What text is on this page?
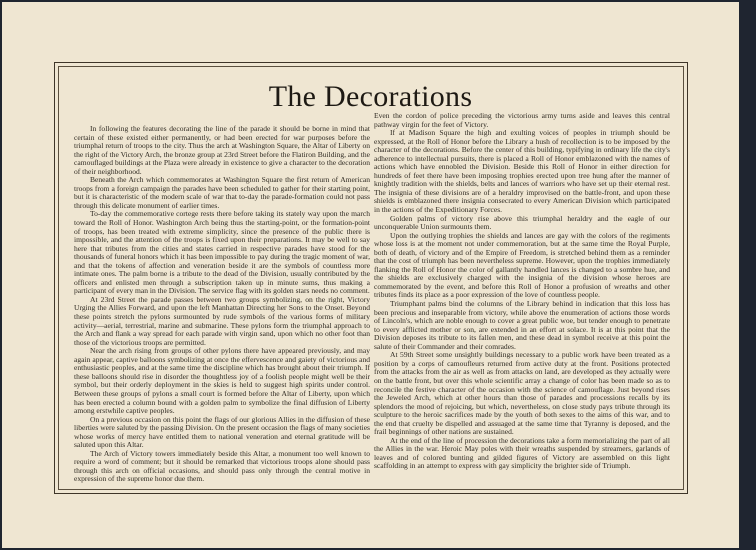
The Decorations

In following the features decorating the line of the parade it should be borne in mind that certain of these existed either permanently, or had been erected for war purposes before the triumphal return of troops to the city. Thus the arch at Washington Square, the Altar of Liberty on the right of the Victory Arch, the bronze group at 23rd Street before the Flatiron Building, and the camouflaged buildings at the Plaza were already in existence to give a character to the decoration of their neighborhood.

Beneath the Arch which commemorates at Washington Square the first return of American troops from a foreign campaign the parades have been scheduled to gather for their starting point, but it is characteristic of the modern scale of war that to-day the parade-formation could not pass through this delicate monument of earlier times.

To-day the commemorative cortege rests there before taking its stately way upon the march toward the Roll of Honor. Washington Arch being thus the starting-point, or the formation-point of troops, has been treated with extreme simplicity, since the presence of the public there is impossible, and the attention of the troops is fixed upon their preparations. It may be well to say here that tributes from the cities and states carried in respective parades have stood for the thousands of funeral honors which it has been impossible to pay during the tragic moment of war, and that the tokens of affection and veneration beside it are the symbols of countless more intimate ones. The palm borne is a tribute to the dead of the Division, usually contributed by the officers and enlisted men through a subscription taken up in minute sums, thus making a participant of every man in the Division. The service flag with its golden stars needs no comment.

At 23rd Street the parade passes between two groups symbolizing, on the right, Victory Urging the Allies Forward, and upon the left Manhattan Directing her Sons to the Onset. Beyond these points stretch the pylons surmounted by rude symbols of the various forms of military activity—aerial, terrestrial, marine and submarine. These pylons form the triumphal approach to the Arch and flank a way spread for each parade with virgin sand, upon which no other foot than those of the victorious troops are permitted.

Near the arch rising from groups of other pylons there have appeared previously, and may again appear, captive balloons symbolizing at once the effervescence and gaiety of victorious and enthusiastic peoples, and at the same time the discipline which has brought about their triumph. If these balloons should rise in disorder the thoughtless joy of a foolish people might well be their symbol, but their orderly deployment in the skies is held to suggest high spirits under control. Between these groups of pylons a small court is formed before the Altar of Liberty, upon which has been erected a column bound with a golden palm to symbolize the final diffusion of Liberty among erstwhile captive peoples.

On a previous occasion on this point the flags of our glorious Allies in the diffusion of these liberties were saluted by the passing Division. On the present occasion the flags of many societies whose works of mercy have entitled them to national veneration and eternal gratitude will be saluted upon this Altar.

The Arch of Victory towers immediately beside this Altar, a monument too well known to require a word of comment; but it should be remarked that victorious troops alone should pass through this arch on official occasions, and should pass only through the central motive in expression of the supreme honor due them.

Even the cordon of police preceding the victorious army turns aside and leaves this central pathway virgin for the feet of Victory.

If at Madison Square the high and exulting voices of peoples in triumph should be expressed, at the Roll of Honor before the Library a hush of recollection is to be imposed by the character of the decorations. Before the center of this building, typifying in ordinary life the city's adherence to intellectual pursuits, there is placed a Roll of Honor emblazoned with the names of actions which have ennobled the Division. Beside this Roll of Honor in either direction for hundreds of feet there have been imposing trophies erected upon tree hung after the manner of knightly tradition with the shields, belts and lances of warriors who have set up their eternal rest. The insignia of these divisions are of a heraldry improvised on the battle-front, and upon these shields is emblazoned there insignia consecrated to every American Division which participated in the actions of the Expeditionary Forces.

Golden palms of victory rise above this triumphal heraldry and the eagle of our unconquerable Union surmounts them.

Upon the outlying trophies the shields and lances are gay with the colors of the regiments whose loss is at the moment not under commemoration, but at the same time the Royal Purple, both of death, of victory and of the Empire of Freedom, is stretched behind them as a reminder that the cost of triumph has been nevertheless supreme. However, upon the trophies immediately flanking the Roll of Honor the color of gallantly handled lances is changed to a sombre hue, and the shields are exclusively charged with the insignia of the division whose heroes are commemorated by the event, and before this Roll of Honor a profusion of wreaths and other tributes finds its place as a poor expression of the love of countless people.

Triumphant palms bind the columns of the Library behind in indication that this loss has been precious and inseparable from victory, while above the enumeration of actions those words of Lincoln's, which are noble enough to cover a great public woe, but tender enough to penetrate to every afflicted mother or son, are extended in an effort at solace. It is at this point that the Division deposes its tribute to its fallen men, and these dead in symbol receive at this point the salute of their Commander and their comrades.

At 59th Street some unsightly buildings necessary to a public work have been treated as a position by a corps of camoufleurs returned from active duty at the front. Positions protected from the attacks from the air as well as from attacks on land, are developed as they actually were on the battle front, but over this whole scientific array a change of color has been made so as to reconcile the festive character of the occasion with the science of camouflage. Just beyond rises the Jeweled Arch, which at other hours than those of parades and processions recalls by its splendors the mood of rejoicing, but which, nevertheless, on close study pays tribute through its sculpture to the heroic sacrifices made by the youth of both sexes to the aims of this war, and to the end that cruelty be dispelled and assuaged at the same time that Tyranny is deposed, and the frail beginnings of other nations are sustained.

At the end of the line of procession the decorations take a form memorializing the part of all the Allies in the war. Heroic May poles with their wreaths suspended by streamers, garlands of leaves and of colored bunting and gilded figures of Victory are assembled on this light scaffolding in an attempt to express with gay simplicity the brighter side of Triumph.
